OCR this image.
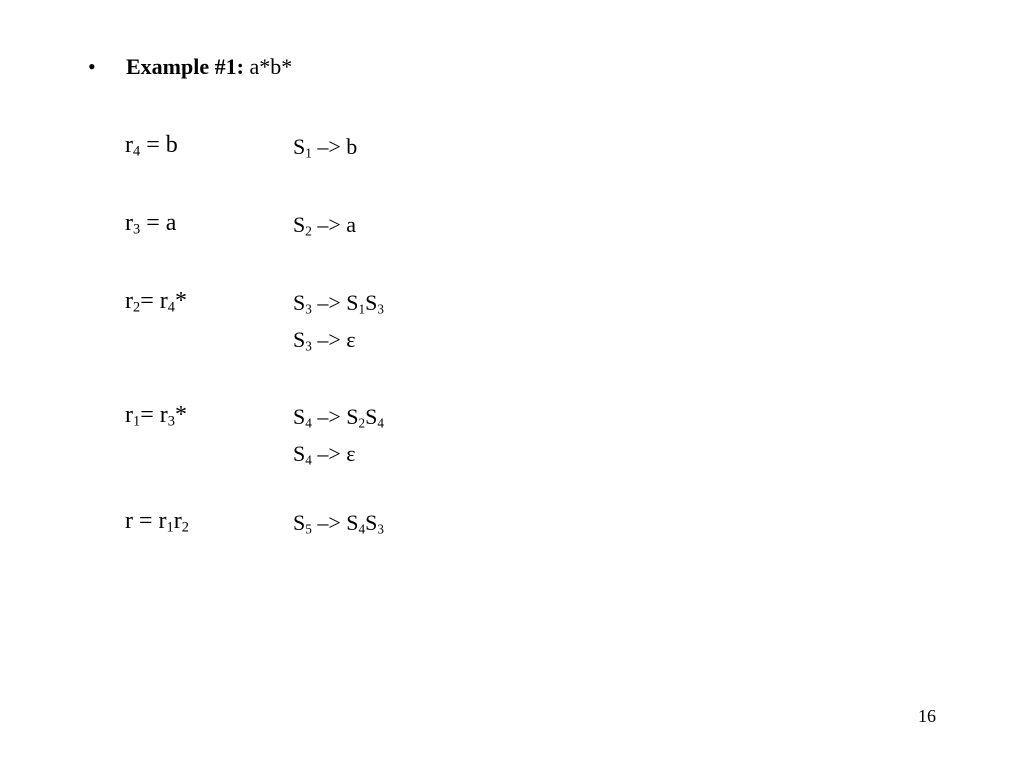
• Example #1: a*b*
$r_4 = b$	$S_1 -> b$
$r_3 = a$	$S_2 -> a$
$r_2= r_4*$	$S_3 -> S_1S_3$
$S_3 -> \varepsilon$
$r_1= r_3*$	$S_4 -> S_2S_4$
$S_4 -> \varepsilon$
$r = r_1r_2$	$S_5 -> S_4S_3$
16
